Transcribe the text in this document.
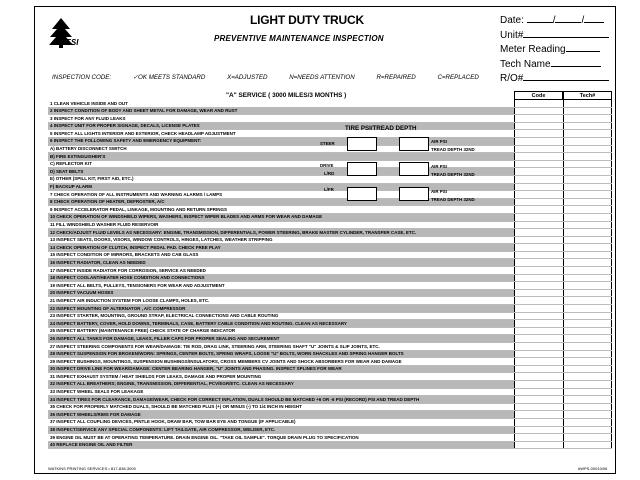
FSI
LIGHT DUTY TRUCK
PREVENTIVE MAINTENANCE INSPECTION
Date:	/	/
Unit#
Meter Reading
Tech Name
R/O#
INSPECTION CODE:	✓OK MEETS STANDARD	X=ADJUSTED	N=NEEDS ATTENTION	R=REPAIRED	C=REPLACED
"A" SERVICE ( 3000 MILES/3 MONTHS )	Code	Tech#
1 CLEAN VEHICLE INSIDE AND OUT
2 INSPECT CONDITION OF BODY AND SHEET METAL FOR DAMAGE, WEAR AND RUST
3 INSPECT FOR ANY FLUID LEAKS
4 INSPECT UNIT FOR PROPER SIGNAGE, DECALS, LICENSE PLATES
5 INSPECT ALL LIGHTS INTERIOR AND EXTERIOR, CHECK HEADLAMP ADJUSTMENT
6 INSPECT THE FOLLOWING SAFETY AND EMERGENCY EQUIPMENT:
A) BATTERY DISCONNECT SWITCH
B) FIRE EXTINGUISHER'S
C) REFLECTOR KIT
D) SEAT BELTS
E) OTHER (SPILL KIT, FIRST AID, ETC.)
F) BACKUP ALARM
7 CHECK OPERATION OF ALL INSTRUMENTS AND WARNING ALARMS / LAMPS
8 CHECK OPERATION OF HEATER, DEFROSTER, A/C
9 INSPECT ACCELERATOR PEDAL, LINKAGE, MOUNTING AND RETURN SPRINGS
10 CHECK OPERATION OF WINDSHIELD WIPERS, WASHERS, INSPECT WIPER BLADES AND ARMS FOR WEAR AND DAMAGE
11 FILL WINDSHIELD WASHER FLUID RESERVOIR
12 CHECK/ADJUST FLUID LEVELS AS NECESSARY: ENGINE, TRANSMISSION, DIFFERENTIALS, POWER STEERING, BRAKE MASTER CYLINDER, TRANSFER CASE, ETC.
13 INSPECT SEATS, DOORS, VISORS, WINDOW CONTROLS, HINGES, LATCHES, WEATHER STRIPPING
14 CHECK OPERATION OF CLUTCH, INSPECT PEDAL PAD. CHECK FREE PLAY
15 INSPECT CONDITION OF MIRRORS, BRACKETS AND CAB GLASS
16 INSPECT RADIATOR, CLEAN AS NEEDED
17 INSPECT INSIDE RADIATOR FOR CORROSION, SERVICE AS NEEDED
18 INSPECT COOLANT/HEATER HOSE CONDITION AND CONNECTIONS
19 INSPECT ALL BELTS, PULLEYS, TENSIONERS FOR WEAR AND ADJUSTMENT
20 INSPECT VACUUM HOSES
21 INSPECT AIR INDUCTION SYSTEM FOR LOOSE CLAMPS, HOLES, ETC.
22 INSPECT MOUNTING OF ALTERNATOR , A/C COMPRESSOR
23 INSPECT STARTER, MOUNTING, GROUND STRAP, ELECTRICAL CONNECTIONS AND CABLE ROUTING
24 INSPECT BATTERY, COVER, HOLD DOWNS, TERMINALS, CASE, BATTERY CABLE CONDITION AND ROUTING. CLEAN AS NECESSARY
25 INSPECT BATTERY (MAINTENANCE FREE) CHECK STATE OF CHARGE INDICATOR
26 INSPECT ALL TANKS FOR DAMAGE, LEAKS, FILLER CAPS FOR PROPER SEALING AND SECUREMENT
27 INSPECT STEERING COMPONENTS FOR WEAR/DAMAGE: TIE ROD, DRAG LINK, STEERING ARM, STEERING SHAFT "U" JOINTS & SLIP JOINTS, ETC.
28 INSPECT SUSPENSION FOR BROKEN/WORN: SPRINGS, CENTER BOLTS, SPRING WRAPS, LOOSE "U" BOLTS, WORN SHACKLES AND SPRING HANGER BOLTS
29 INSPECT BUSHINGS, MOUNTINGS, SUSPENSION BUSHINGS/INSULATORS, CROSS MEMBERS CV JOINTS AND SHOCK ABSORBERS FOR WEAR AND DAMAGE
30 INSPECT DRIVE LINE FOR WEAR/DAMAGE: CENTER BEARING HANGER, "U" JOINTS AND PHASING. INSPECT SPLINES FOR WEAR
31 INSPECT EXHAUST SYSTEM / HEAT SHIELDS FOR LEAKS, DAMAGE AND PROPER MOUNTING
32 INSPECT ALL BREATHERS; ENGINE, TRANSMISSION, DIFFERENTIAL, PCV/EGR/ETC. CLEAN AS NECESSARY
33 INSPECT WHEEL SEALS FOR LEAKAGE
34 INSPECT TIRES FOR CLEARANCE, DAMAGE/WEAR, CHECK FOR CORRECT INFLATION, DUALS SHOULD BE MATCHED +6 OR -6 PSI (RECORD) PSI AND TREAD DEPTH
35 CHECK FOR PROPERLY MATCHED DUALS, SHOULD BE MATCHED PLUS (+) OR MINUS (-) TO 1/4 INCH IN HEIGHT
36 INSPECT WHEELS/RIMS FOR DAMAGE
37 INSPECT ALL COUPLING DEVICES, PINTLE HOOK, DRAW BAR, TOW BAR EYE AND TONGUE (IF APPLICABLE)
38 INSPECT/SERVICE ANY SPECIAL COMPONENTS: LIFT TAILGATE, AIR COMPRESSOR, WELDER, ETC.
39 ENGINE OIL MUST BE AT OPERATING TEMPERATURE. DRAIN ENGINE OIL. "TAKE OIL SAMPLE". TORQUE DRAIN PLUG TO SPECIFICATION
40 REPLACE ENGINE OIL AND FILTER
TIRE PSI/TREAD DEPTH
STEER	AIR PSI
TREAD DEPTH 32ND
DRIVE
L/RD
AIR PSI
TREAD DEPTH 32ND
L/FR	AIR PSI
TREAD DEPTH 32ND
WATKINS PRINTING SERVICES • 817-838-3000	#WPS-00010/06
